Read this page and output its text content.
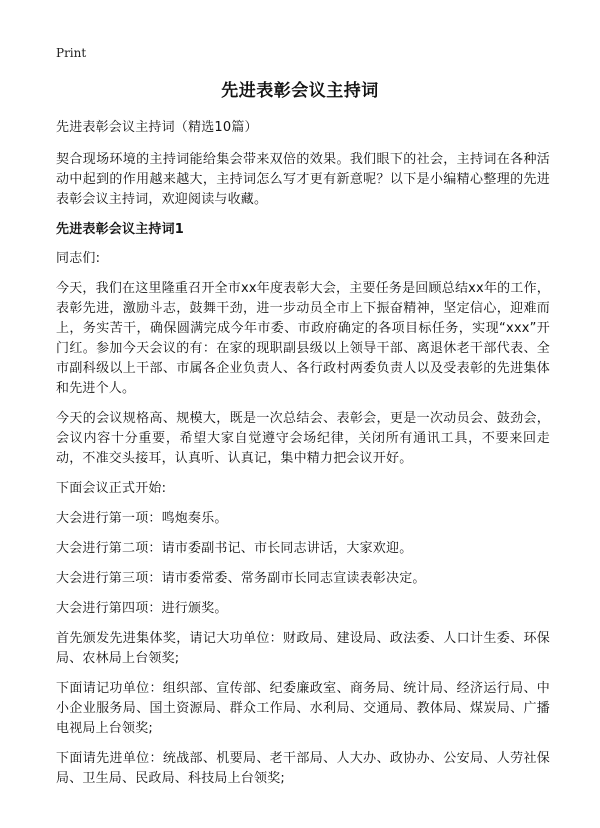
Print
先进表彰会议主持词

先进表彰会议主持词（精选10篇）

契合现场环境的主持词能给集会带来双倍的效果。我们眼下的社会，主持词在各种活动中起到的作用越来越大，主持词怎么写才更有新意呢？以下是小编精心整理的先进表彰会议主持词，欢迎阅读与收藏。

先进表彰会议主持词1

同志们:

今天，我们在这里隆重召开全市xx年度表彰大会，主要任务是回顾总结xx年的工作，表彰先进，激励斗志，鼓舞干劲，进一步动员全市上下振奋精神，坚定信心，迎难而上，务实苦干，确保圆满完成今年市委、市政府确定的各项目标任务，实现“xxx”开门红。参加今天会议的有：在家的现职副县级以上领导干部、离退休老干部代表、全市副科级以上干部、市属各企业负责人、各行政村两委负责人以及受表彰的先进集体和先进个人。

今天的会议规格高、规模大，既是一次总结会、表彰会，更是一次动员会、鼓劲会，会议内容十分重要，希望大家自觉遵守会场纪律，关闭所有通讯工具，不要来回走动，不准交头接耳，认真听、认真记，集中精力把会议开好。

下面会议正式开始:

大会进行第一项：鸣炮奏乐。

大会进行第二项：请市委副书记、市长同志讲话，大家欢迎。

大会进行第三项：请市委常委、常务副市长同志宣读表彰决定。

大会进行第四项：进行颁奖。

首先颁发先进集体奖，请记大功单位：财政局、建设局、政法委、人口计生委、环保局、农林局上台领奖;

下面请记功单位：组织部、宣传部、纪委廉政室、商务局、统计局、经济运行局、中小企业服务局、国土资源局、群众工作局、水利局、交通局、教体局、煤炭局、广播电视局上台领奖;

下面请先进单位：统战部、机要局、老干部局、人大办、政协办、公安局、人劳社保局、卫生局、民政局、科技局上台领奖;
